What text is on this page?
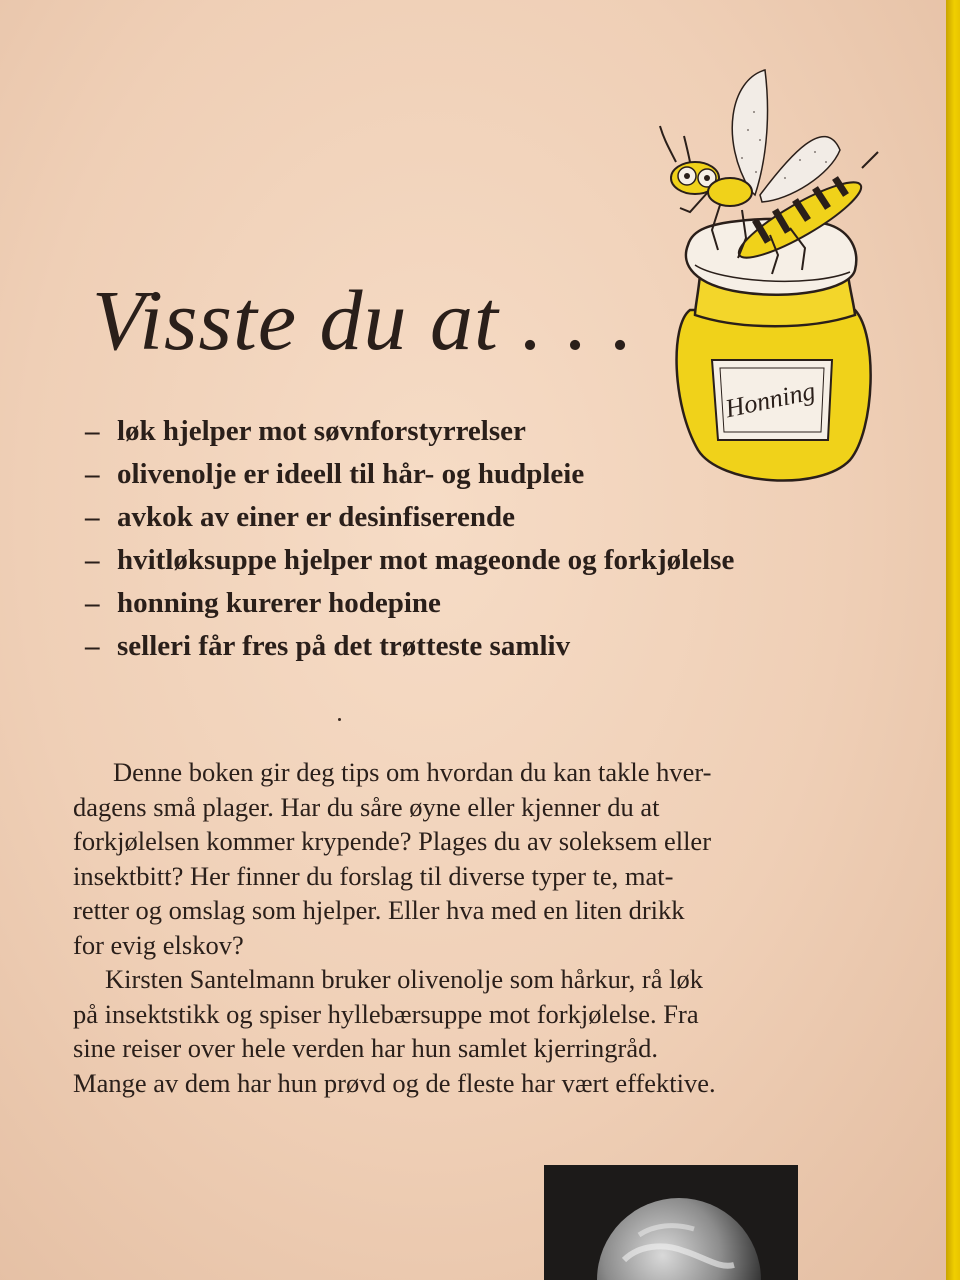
Visste du at . . .
– løk hjelper mot søvnforstyrrelser
– olivenolje er ideell til hår- og hudpleie
– avkok av einer er desinfiserende
– hvitløksuppe hjelper mot mageonde og forkjølelse
– honning kurerer hodepine
– selleri får fres på det trøtteste samliv

Denne boken gir deg tips om hvordan du kan takle hver-
dagens små plager. Har du såre øyne eller kjenner du at
forkjølelsen kommer krypende? Plages du av soleksem eller
insektbitt? Her finner du forslag til diverse typer te, mat-
retter og omslag som hjelper. Eller hva med en liten drikk
for evig elskov?

Kirsten Santelmann bruker olivenolje som hårkur, rå løk
på insektstikk og spiser hyllebærsuppe mot forkjølelse. Fra
sine reiser over hele verden har hun samlet kjerringråd.
Mange av dem har hun prøvd og de fleste har vært effektive.

Honning
